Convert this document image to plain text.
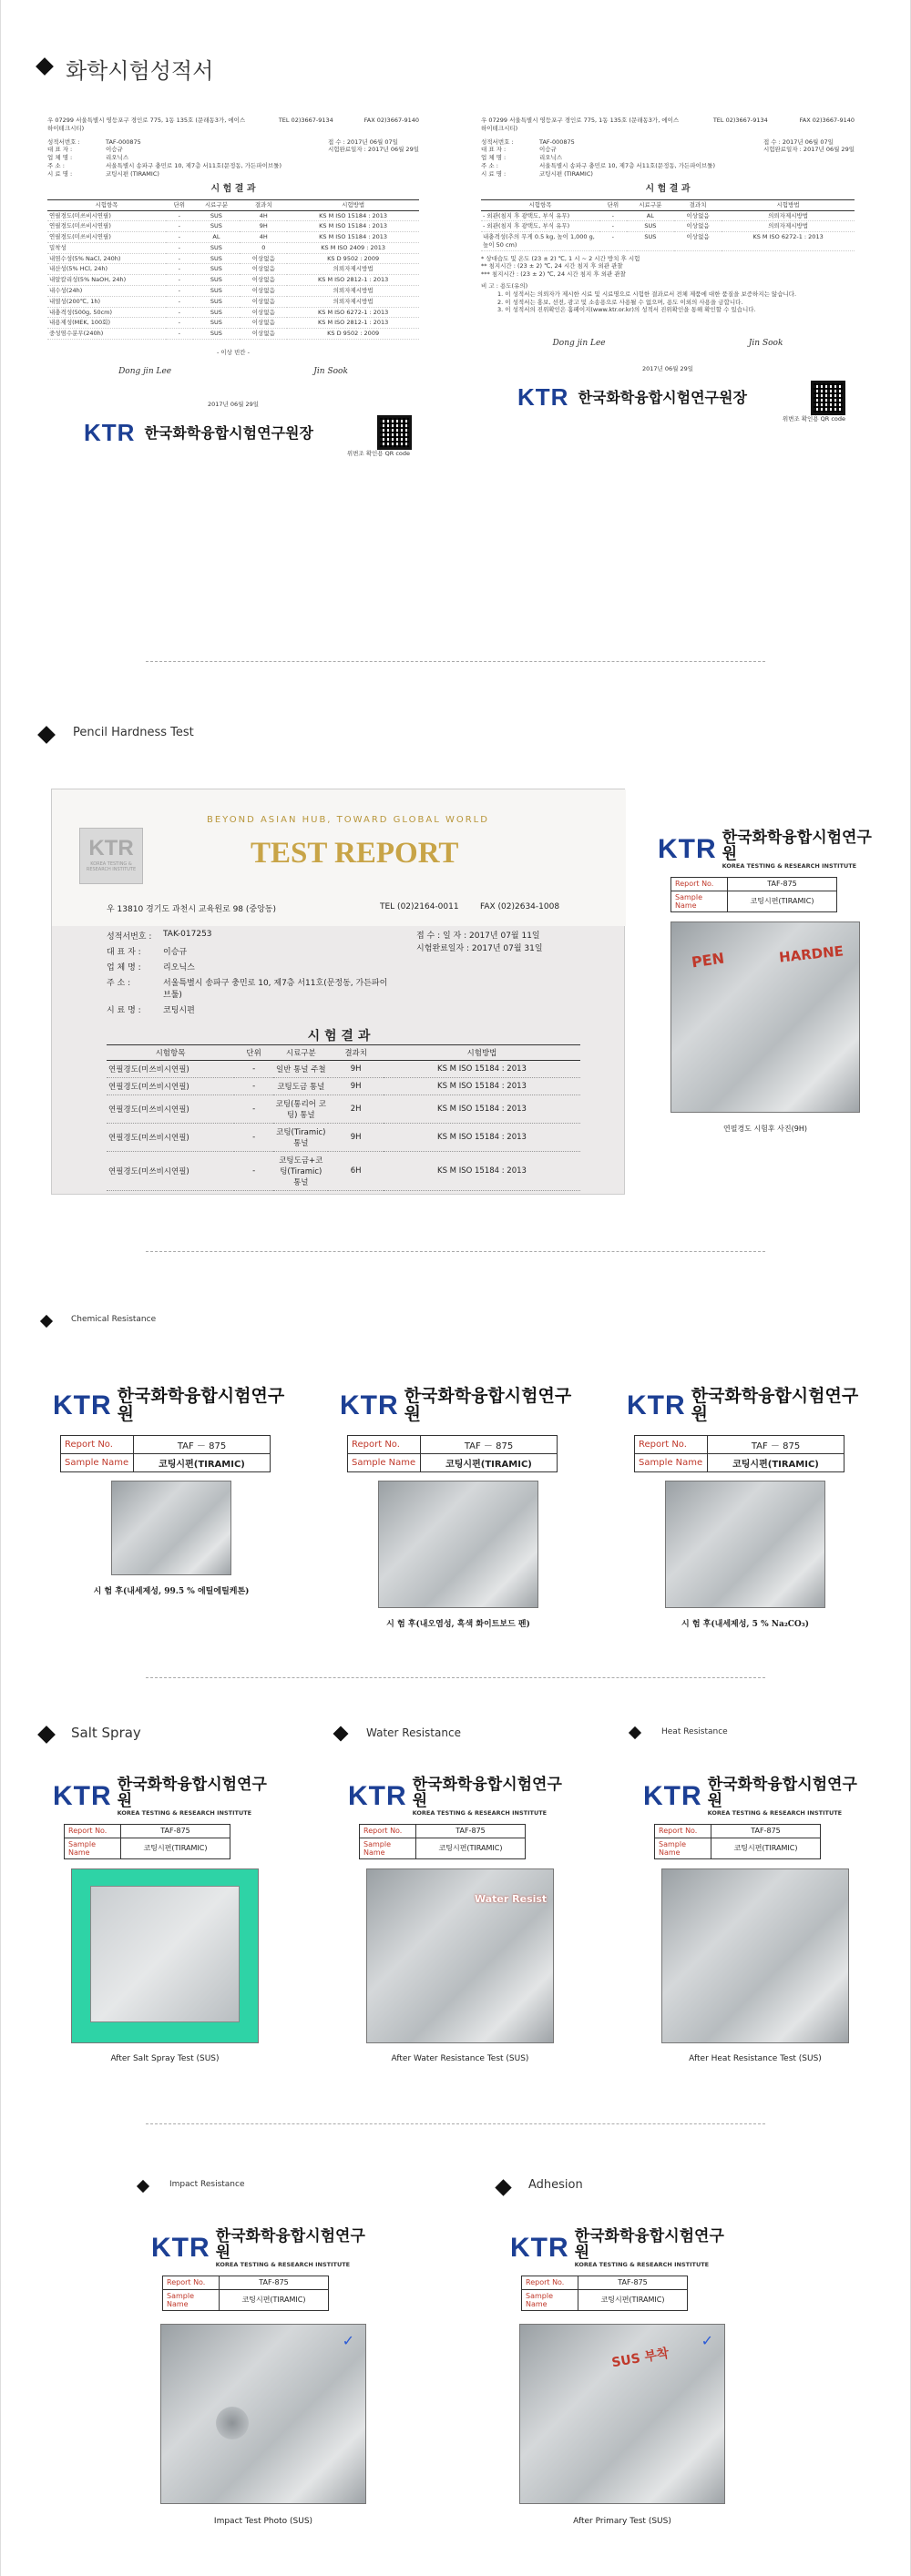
화학시험성적서
우 07299 서울특별시 영등포구 경인로 775, 1동 135호 (문래동3가, 에이스하이테크시티)
TEL 02)3667-9134	FAX 02)3667-9140
성적서번호 :	TAF-000875
대 표 자 :	이승규
업 체 명 :	리오닉스
주 소 :	서울특별시 송파구 충민로 10, 제7층 서11호(문정동, 가든파이브툴)
시 료 명 :	코팅시편 (TIRAMIC)
접 수 : 2017년 06월 07일
시험완료일자 : 2017년 06월 29일
시 험 결 과
시험항목	단위	시료구분	결과치	시험방법
연필경도(미쓰비시연필)	-	SUS	4H	KS M ISO 15184 : 2013
연필경도(미쓰비시연필)	-	SUS	9H	KS M ISO 15184 : 2013
연필경도(미쓰비시연필)	-	AL	4H	KS M ISO 15184 : 2013
밀착성	-	SUS	0	KS M ISO 2409 : 2013
내염수성(5% NaCl, 240h)	-	SUS	이상없음	KS D 9502 : 2009
내산성(5% HCl, 24h)	-	SUS	이상없음	의뢰자제시방법
내알칼리성(5% NaOH, 24h)	-	SUS	이상없음	KS M ISO 2812-1 : 2013
내수성(24h)	-	SUS	이상없음	의뢰자제시방법
내열성(200℃, 1h)	-	SUS	이상없음	의뢰자제시방법
내충격성(500g, 50cm)	-	SUS	이상없음	KS M ISO 6272-1 : 2013
내용제성(MEK, 100회)	-	SUS	이상없음	KS M ISO 2812-1 : 2013
중성염수분무(240h)	-	SUS	이상없음	KS D 9502 : 2009
- 이상 빈칸 -
Dong jin Lee	Jin Sook
2017년 06월 29일
KTR 한국화학융합시험연구원장
위변조 확인용 QR code
우 07299 서울특별시 영등포구 경인로 775, 1동 135호 (문래동3가, 에이스하이테크시티)
TEL 02)3667-9134	FAX 02)3667-9140
성적서번호 :	TAF-000875
대 표 자 :	이승규
업 체 명 :	리오닉스
주 소 :	서울특별시 송파구 충민로 10, 제7층 서11호(문정동, 가든파이브툴)
시 료 명 :	코팅시편 (TIRAMIC)
접 수 : 2017년 06월 07일
시험완료일자 : 2017년 06월 29일
시 험 결 과
시험항목	단위	시료구분	결과치	시험방법
- 외관(침지 후 광택도, 부식 유무)	-	AL	이상없음	의뢰자제시방법
- 외관(침지 후 광택도, 부식 유무)	-	SUS	이상없음	의뢰자제시방법
내충격성(추의 무게 0.5 kg, 높이 1,000 g, 높이 50 cm)	-	SUS	이상없음	KS M ISO 6272-1 : 2013
* 상대습도 및 온도 (23 ± 2) ℃, 1 시 ~ 2 시간 방치 후 시험
** 침지시간 : (23 ± 2) ℃, 24 시간 침지 후 외관 관찰
*** 침지시간 : (23 ± 2) ℃, 24 시간 침지 후 외관 관찰
비 고 : 용도(유의)
1. 이 성적서는 의뢰자가 제시한 시료 및 시료명으로 시험한 결과로서 전체 제품에 대한 품질을 보증하지는 않습니다.
2. 이 성적서는 홍보, 선전, 광고 및 소송용으로 사용될 수 없으며, 용도 이외의 사용을 금합니다.
3. 이 성적서의 진위확인은 홈페이지(www.ktr.or.kr)의 성적서 진위확인을 통해 확인할 수 있습니다.
Dong jin Lee	Jin Sook
2017년 06월 29일
KTR 한국화학융합시험연구원장
위변조 확인용 QR code
Pencil Hardness Test
BEYOND ASIAN HUB, TOWARD GLOBAL WORLD
KTR
KOREA TESTING & RESEARCH INSTITUTE	TEST REPORT
우 13810 경기도 과천시 교육원로 98 (중앙동)	TEL (02)2164-0011	FAX (02)2634-1008
성적서번호 :	TAK-017253
대 표 자 :	이승규
업 체 명 :	리오닉스
주 소 :	서울특별시 송파구 충민로 10, 제7층 서11호(문정동, 가든파이브툴)
시 료 명 :	코팅시편
접 수 : 일 자 : 2017년 07월 11일
시험완료일자 : 2017년 07월 31일
시 험 결 과
시험항목	단위	시료구분	결과치	시험방법
연필경도(미쓰비시연필)	-	일반 통널 주철	9H	KS M ISO 15184 : 2013
연필경도(미쓰비시연필)	-	코팅도금 통널	9H	KS M ISO 15184 : 2013
연필경도(미쓰비시연필)	-	코팅(통리어 코팅) 통널	2H	KS M ISO 15184 : 2013
연필경도(미쓰비시연필)	-	코팅(Tiramic) 통널	9H	KS M ISO 15184 : 2013
연필경도(미쓰비시연필)	-	코팅도금+코팅(Tiramic) 통널	6H	KS M ISO 15184 : 2013
KTR 한국화학융합시험연구원
KOREA TESTING & RESEARCH INSTITUTE
Report No.	TAF-875
Sample Name	코팅시편(TIRAMIC)
PEN	HARDNE
연필경도 시험후 사진(9H)
Chemical Resistance
KTR 한국화학융합시험연구원
Report No.	TAF － 875
Sample Name	코팅시편(TIRAMIC)
시 험 후(내세제성, 99.5 % 에틸에틸케톤)
KTR 한국화학융합시험연구원
Report No.	TAF － 875
Sample Name	코팅시편(TIRAMIC)
시 험 후(내오염성, 흑색 화이트보드 펜)
KTR 한국화학융합시험연구원
Report No.	TAF － 875
Sample Name	코팅시편(TIRAMIC)
시 험 후(내세제성, 5 % Na₂CO₃)
Salt Spray
KTR 한국화학융합시험연구원
KOREA TESTING & RESEARCH INSTITUTE
Report No.	TAF-875
Sample Name	코팅시편(TIRAMIC)
After Salt Spray Test (SUS)
Water Resistance
KTR 한국화학융합시험연구원
KOREA TESTING & RESEARCH INSTITUTE
Report No.	TAF-875
Sample Name	코팅시편(TIRAMIC)
Water Resist
After Water Resistance Test (SUS)
Heat Resistance
KTR 한국화학융합시험연구원
KOREA TESTING & RESEARCH INSTITUTE
Report No.	TAF-875
Sample Name	코팅시편(TIRAMIC)
After Heat Resistance Test (SUS)
Impact Resistance
KTR 한국화학융합시험연구원
KOREA TESTING & RESEARCH INSTITUTE
Report No.	TAF-875
Sample Name	코팅시편(TIRAMIC)
✓
Impact Test Photo (SUS)
Adhesion
KTR 한국화학융합시험연구원
KOREA TESTING & RESEARCH INSTITUTE
Report No.	TAF-875
Sample Name	코팅시편(TIRAMIC)
✓
SUS 부착
After Primary Test (SUS)
